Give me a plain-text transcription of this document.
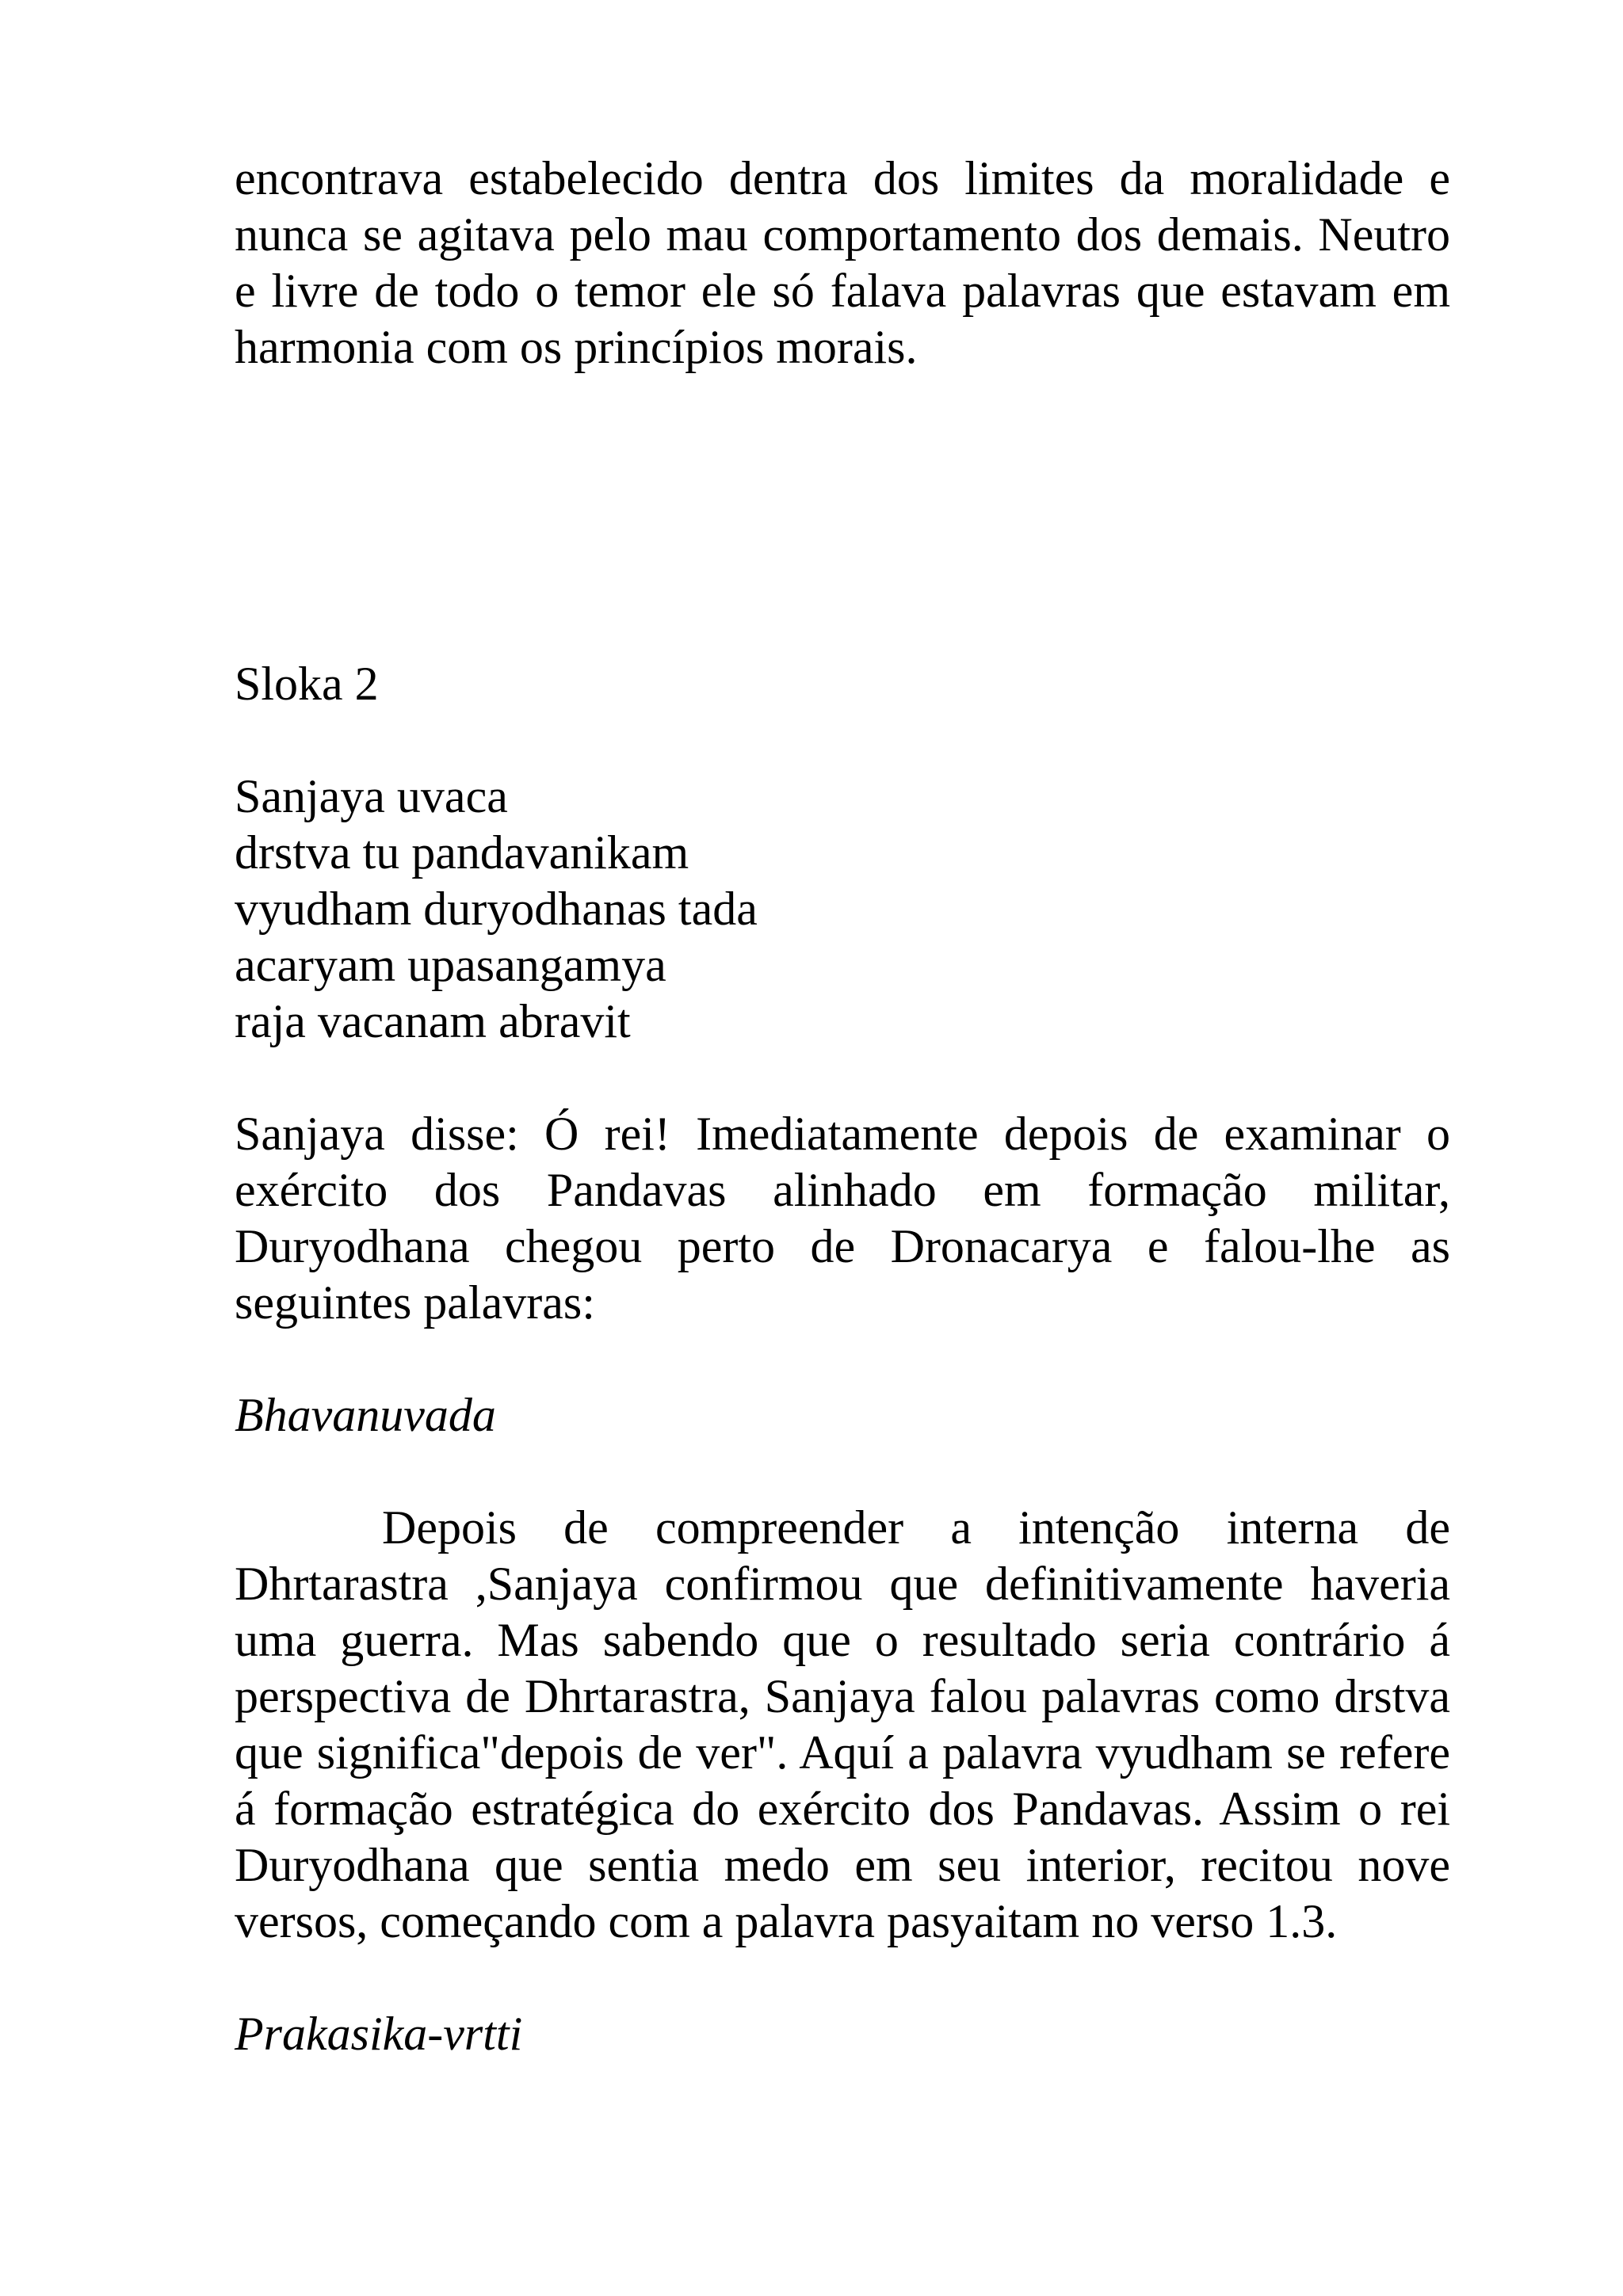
encontrava estabelecido dentra dos limites da moralidade e nunca se agitava pelo mau comportamento dos demais. Neutro e livre de todo o temor ele só falava palavras que estavam em harmonia com os princípios morais.

Sloka 2

Sanjaya uvaca

drstva tu pandavanikam

vyudham duryodhanas tada

acaryam upasangamya

raja vacanam abravit

Sanjaya disse: Ó rei! Imediatamente depois de examinar o exército dos Pandavas alinhado em formação militar, Duryodhana chegou perto de Dronacarya e falou-lhe as seguintes palavras:

Bhavanuvada

Depois de compreender a intenção interna de Dhrtarastra ,Sanjaya confirmou que definitivamente haveria uma guerra. Mas sabendo que o resultado seria contrário á perspectiva de Dhrtarastra, Sanjaya falou palavras como drstva que significa"depois de ver". Aquí a palavra vyudham se refere á formação estratégica do exército dos Pandavas. Assim o rei Duryodhana que sentia medo em seu interior, recitou nove versos, começando com a palavra pasyaitam no verso 1.3.

Prakasika-vrtti
